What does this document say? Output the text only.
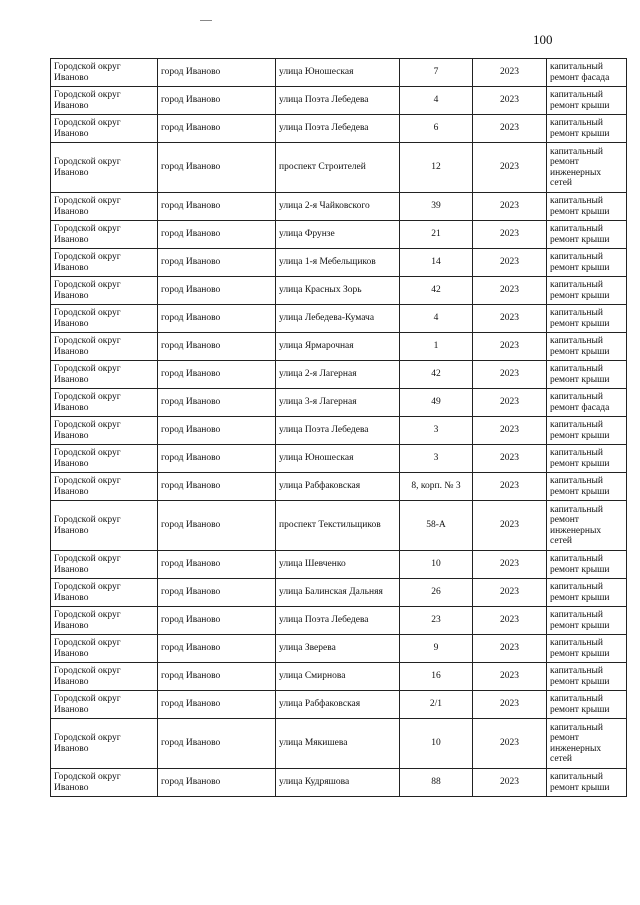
100
Городской округ Иваново	город Иваново	улица Юношеская	7	2023	капитальный ремонт фасада
Городской округ Иваново	город Иваново	улица Поэта Лебедева	4	2023	капитальный ремонт крыши
Городской округ Иваново	город Иваново	улица Поэта Лебедева	6	2023	капитальный ремонт крыши
Городской округ Иваново	город Иваново	проспект Строителей	12	2023	капитальный ремонт инженерных сетей
Городской округ Иваново	город Иваново	улица 2-я Чайковского	39	2023	капитальный ремонт крыши
Городской округ Иваново	город Иваново	улица Фрунзе	21	2023	капитальный ремонт крыши
Городской округ Иваново	город Иваново	улица 1-я Мебельщиков	14	2023	капитальный ремонт крыши
Городской округ Иваново	город Иваново	улица Красных Зорь	42	2023	капитальный ремонт крыши
Городской округ Иваново	город Иваново	улица Лебедева-Кумача	4	2023	капитальный ремонт крыши
Городской округ Иваново	город Иваново	улица Ярмарочная	1	2023	капитальный ремонт крыши
Городской округ Иваново	город Иваново	улица 2-я Лагерная	42	2023	капитальный ремонт крыши
Городской округ Иваново	город Иваново	улица 3-я Лагерная	49	2023	капитальный ремонт фасада
Городской округ Иваново	город Иваново	улица Поэта Лебедева	3	2023	капитальный ремонт крыши
Городской округ Иваново	город Иваново	улица Юношеская	3	2023	капитальный ремонт крыши
Городской округ Иваново	город Иваново	улица Рабфаковская	8, корп. № 3	2023	капитальный ремонт крыши
Городской округ Иваново	город Иваново	проспект Текстильщиков	58-А	2023	капитальный ремонт инженерных сетей
Городской округ Иваново	город Иваново	улица Шевченко	10	2023	капитальный ремонт крыши
Городской округ Иваново	город Иваново	улица Балинская Дальняя	26	2023	капитальный ремонт крыши
Городской округ Иваново	город Иваново	улица Поэта Лебедева	23	2023	капитальный ремонт крыши
Городской округ Иваново	город Иваново	улица Зверева	9	2023	капитальный ремонт крыши
Городской округ Иваново	город Иваново	улица Смирнова	16	2023	капитальный ремонт крыши
Городской округ Иваново	город Иваново	улица Рабфаковская	2/1	2023	капитальный ремонт крыши
Городской округ Иваново	город Иваново	улица Мякишева	10	2023	капитальный ремонт инженерных сетей
Городской округ Иваново	город Иваново	улица Кудряшова	88	2023	капитальный ремонт крыши
